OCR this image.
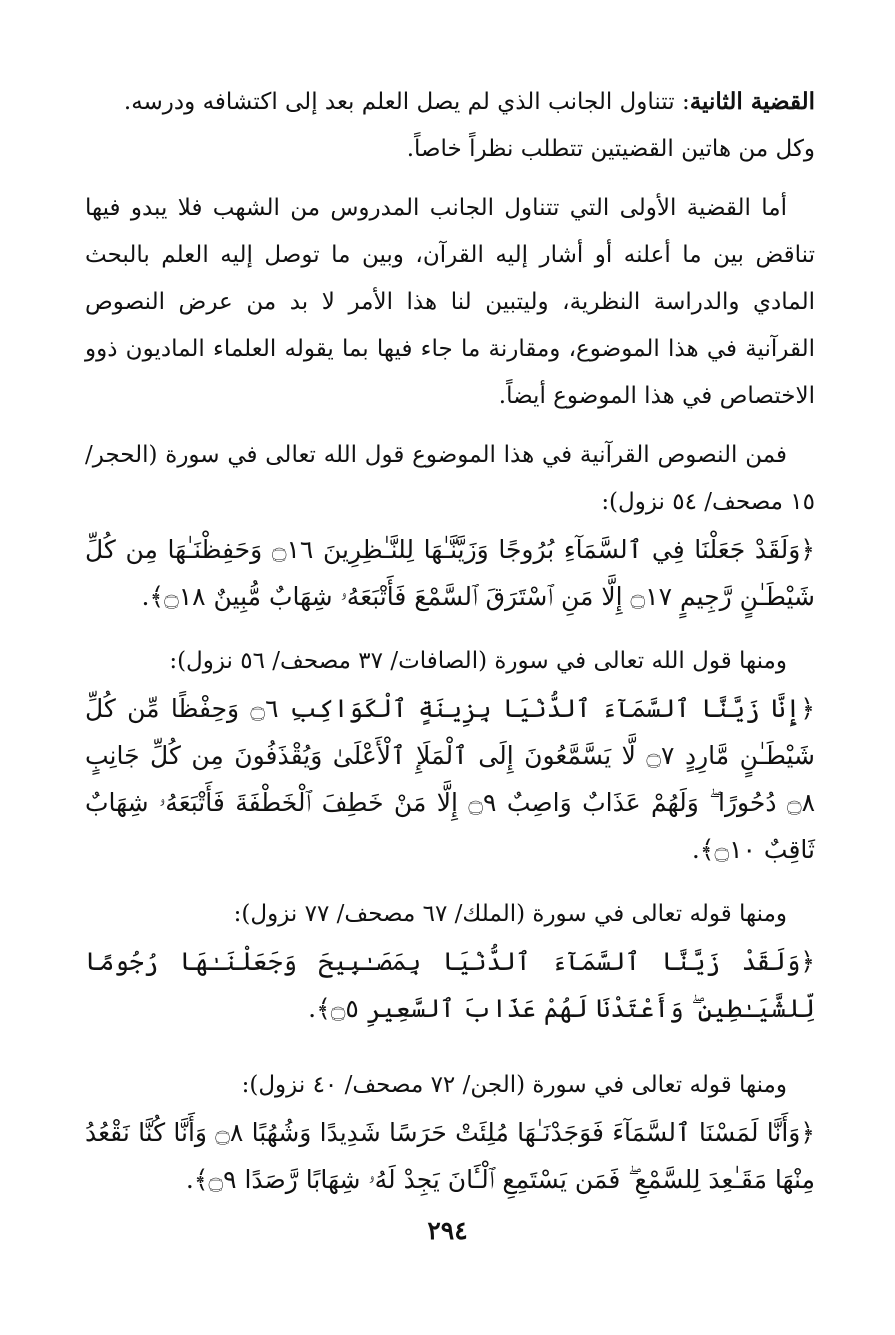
القضية الثانية: تتناول الجانب الذي لم يصل العلم بعد إلى اكتشافه ودرسه.

وكل من هاتين القضيتين تتطلب نظراً خاصاً.

أما القضية الأولى التي تتناول الجانب المدروس من الشهب فلا يبدو فيها تناقض بين ما أعلنه أو أشار إليه القرآن، وبين ما توصل إليه العلم بالبحث المادي والدراسة النظرية، وليتبين لنا هذا الأمر لا بد من عرض النصوص القرآنية في هذا الموضوع، ومقارنة ما جاء فيها بما يقوله العلماء الماديون ذوو الاختصاص في هذا الموضوع أيضاً.

فمن النصوص القرآنية في هذا الموضوع قول الله تعالى في سورة (الحجر/ ١٥ مصحف/ ٥٤ نزول):

﴿وَلَقَدْ جَعَلْنَا فِي ٱلسَّمَآءِ بُرُوجًا وَزَيَّنَّـٰهَا لِلنَّـٰظِرِينَ ۝١٦ وَحَفِظْنَـٰهَا مِن كُلِّ شَيْطَـٰنٍ رَّجِيمٍ ۝١٧ إِلَّا مَنِ ٱسْتَرَقَ ٱلسَّمْعَ فَأَتْبَعَهُۥ شِهَابٌ مُّبِينٌ ۝١٨﴾.

ومنها قول الله تعالى في سورة (الصافات/ ٣٧ مصحف/ ٥٦ نزول):

﴿إِنَّا زَيَّنَّا ٱلسَّمَآءَ ٱلدُّنْيَا بِزِينَةٍ ٱلْكَوَاكِبِ ۝٦ وَحِفْظًا مِّن كُلِّ شَيْطَـٰنٍ مَّارِدٍ ۝٧ لَّا يَسَّمَّعُونَ إِلَى ٱلْمَلَإِ ٱلْأَعْلَىٰ وَيُقْذَفُونَ مِن كُلِّ جَانِبٍ ۝٨ دُحُورًا ۖ وَلَهُمْ عَذَابٌ وَاصِبٌ ۝٩ إِلَّا مَنْ خَطِفَ ٱلْخَطْفَةَ فَأَتْبَعَهُۥ شِهَابٌ ثَاقِبٌ ۝١٠﴾.

ومنها قوله تعالى في سورة (الملك/ ٦٧ مصحف/ ٧٧ نزول):

﴿وَلَقَدْ زَيَّنَّا ٱلسَّمَآءَ ٱلدُّنْيَا بِمَصَـٰبِيحَ وَجَعَلْنَـٰهَا رُجُومًا لِّلشَّيَـٰطِينِ ۖ وَأَعْتَدْنَا لَهُمْ عَذَابَ ٱلسَّعِيرِ ۝٥﴾.

ومنها قوله تعالى في سورة (الجن/ ٧٢ مصحف/ ٤٠ نزول):

﴿وَأَنَّا لَمَسْنَا ٱلسَّمَآءَ فَوَجَدْنَـٰهَا مُلِئَتْ حَرَسًا شَدِيدًا وَشُهُبًا ۝٨ وَأَنَّا كُنَّا نَقْعُدُ مِنْهَا مَقَـٰعِدَ لِلسَّمْعِ ۖ فَمَن يَسْتَمِعِ ٱلْـَٔانَ يَجِدْ لَهُۥ شِهَابًا رَّصَدًا ۝٩﴾.

٢٩٤
